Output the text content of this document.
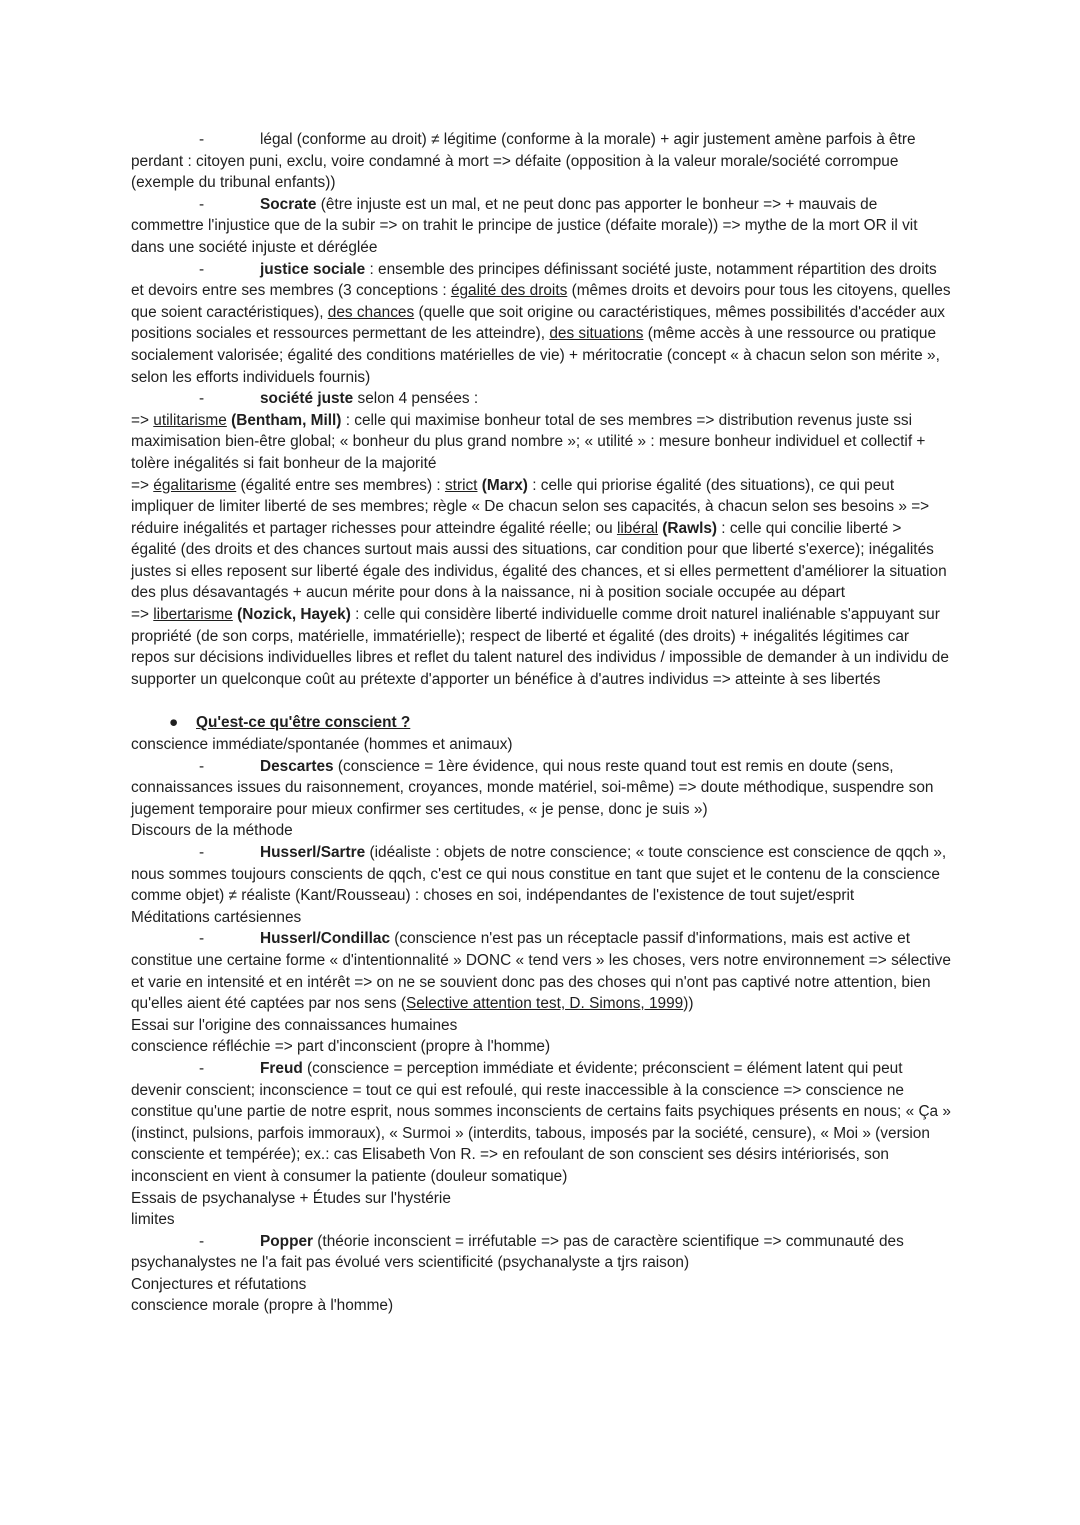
-	légal (conforme au droit) ≠ légitime (conforme à la morale) + agir justement amène parfois à être perdant : citoyen puni, exclu, voire condamné à mort => défaite (opposition à la valeur morale/société corrompue (exemple du tribunal enfants))

-	Socrate (être injuste est un mal, et ne peut donc pas apporter le bonheur => + mauvais de commettre l'injustice que de la subir => on trahit le principe de justice (défaite morale)) => mythe de la mort OR il vit dans une société injuste et déréglée

-	justice sociale : ensemble des principes définissant société juste, notamment répartition des droits et devoirs entre ses membres (3 conceptions : égalité des droits (mêmes droits et devoirs pour tous les citoyens, quelles que soient caractéristiques), des chances (quelle que soit origine ou caractéristiques, mêmes possibilités d'accéder aux positions sociales et ressources permettant de les atteindre), des situations (même accès à une ressource ou pratique socialement valorisée; égalité des conditions matérielles de vie) + méritocratie (concept « à chacun selon son mérite », selon les efforts individuels fournis)

-	société juste selon 4 pensées :

=> utilitarisme (Bentham, Mill) : celle qui maximise bonheur total de ses membres => distribution revenus juste ssi maximisation bien-être global; « bonheur du plus grand nombre »; « utilité » : mesure bonheur individuel et collectif + tolère inégalités si fait bonheur de la majorité

=> égalitarisme (égalité entre ses membres) : strict (Marx) : celle qui priorise égalité (des situations), ce qui peut impliquer de limiter liberté de ses membres; règle « De chacun selon ses capacités, à chacun selon ses besoins » => réduire inégalités et partager richesses pour atteindre égalité réelle; ou libéral (Rawls) : celle qui concilie liberté > égalité (des droits et des chances surtout mais aussi des situations, car condition pour que liberté s'exerce); inégalités justes si elles reposent sur liberté égale des individus, égalité des chances, et si elles permettent d'améliorer la situation des plus désavantagés + aucun mérite pour dons à la naissance, ni à position sociale occupée au départ

=> libertarisme (Nozick, Hayek) : celle qui considère liberté individuelle comme droit naturel inaliénable s'appuyant sur propriété (de son corps, matérielle, immatérielle); respect de liberté et égalité (des droits) + inégalités légitimes car repos sur décisions individuelles libres et reflet du talent naturel des individus / impossible de demander à un individu de supporter un quelconque coût au prétexte d'apporter un bénéfice à d'autres individus => atteinte à ses libertés

● Qu'est-ce qu'être conscient ?

conscience immédiate/spontanée (hommes et animaux)

-	Descartes (conscience = 1ère évidence, qui nous reste quand tout est remis en doute (sens, connaissances issues du raisonnement, croyances, monde matériel, soi-même) => doute méthodique, suspendre son jugement temporaire pour mieux confirmer ses certitudes, « je pense, donc je suis »)

Discours de la méthode

-	Husserl/Sartre (idéaliste : objets de notre conscience; « toute conscience est conscience de qqch », nous sommes toujours conscients de qqch, c'est ce qui nous constitue en tant que sujet et le contenu de la conscience comme objet) ≠ réaliste (Kant/Rousseau) : choses en soi, indépendantes de l'existence de tout sujet/esprit

Méditations cartésiennes

-	Husserl/Condillac (conscience n'est pas un réceptacle passif d'informations, mais est active et constitue une certaine forme « d'intentionnalité » DONC « tend vers » les choses, vers notre environnement => sélective et varie en intensité et en intérêt => on ne se souvient donc pas des choses qui n'ont pas captivé notre attention, bien qu'elles aient été captées par nos sens (Selective attention test, D. Simons, 1999))

Essai sur l'origine des connaissances humaines

conscience réfléchie => part d'inconscient (propre à l'homme)

-	Freud (conscience = perception immédiate et évidente; préconscient = élément latent qui peut devenir conscient; inconscience = tout ce qui est refoulé, qui reste inaccessible à la conscience => conscience ne constitue qu'une partie de notre esprit, nous sommes inconscients de certains faits psychiques présents en nous; « Ça » (instinct, pulsions, parfois immoraux), « Surmoi » (interdits, tabous, imposés par la société, censure), « Moi » (version consciente et tempérée); ex.: cas Elisabeth Von R. => en refoulant de son conscient ses désirs intériorisés, son inconscient en vient à consumer la patiente (douleur somatique)

Essais de psychanalyse + Études sur l'hystérie

limites

-	Popper (théorie inconscient = irréfutable => pas de caractère scientifique => communauté des psychanalystes ne l'a fait pas évolué vers scientificité (psychanalyste a tjrs raison)

Conjectures et réfutations

conscience morale (propre à l'homme)
